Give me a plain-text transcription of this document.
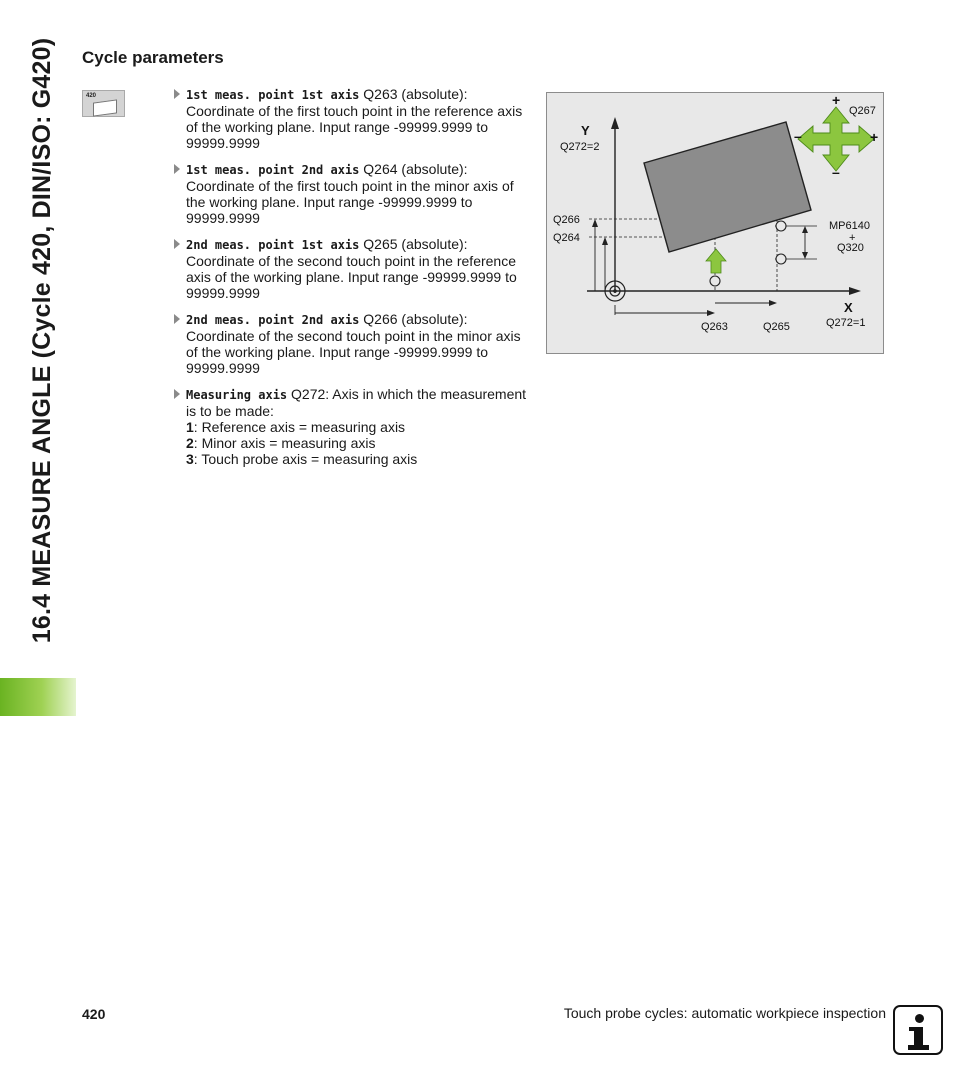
16.4 MEASURE ANGLE (Cycle 420, DIN/ISO: G420) Cycle parameters
420	1st meas. point 1st axis Q263 (absolute): Coordinate of the first touch point in the reference axis of the working plane. Input range -99999.9999 to 99999.9999
1st meas. point 2nd axis Q264 (absolute): Coordinate of the first touch point in the minor axis of the working plane. Input range -99999.9999 to 99999.9999
2nd meas. point 1st axis Q265 (absolute): Coordinate of the second touch point in the reference axis of the working plane. Input range -99999.9999 to 99999.9999
2nd meas. point 2nd axis Q266 (absolute): Coordinate of the second touch point in the minor axis of the working plane. Input range -99999.9999 to 99999.9999
Measuring axis Q272: Axis in which the measurement is to be made:
1: Reference axis = measuring axis
2: Minor axis = measuring axis
3: Touch probe axis = measuring axis
Y
Q272=2
X
Q272=1
Q267
Q266
Q264
Q263	Q265
MP6140
+
Q320
+
–	+
–
420	Touch probe cycles: automatic workpiece inspection
